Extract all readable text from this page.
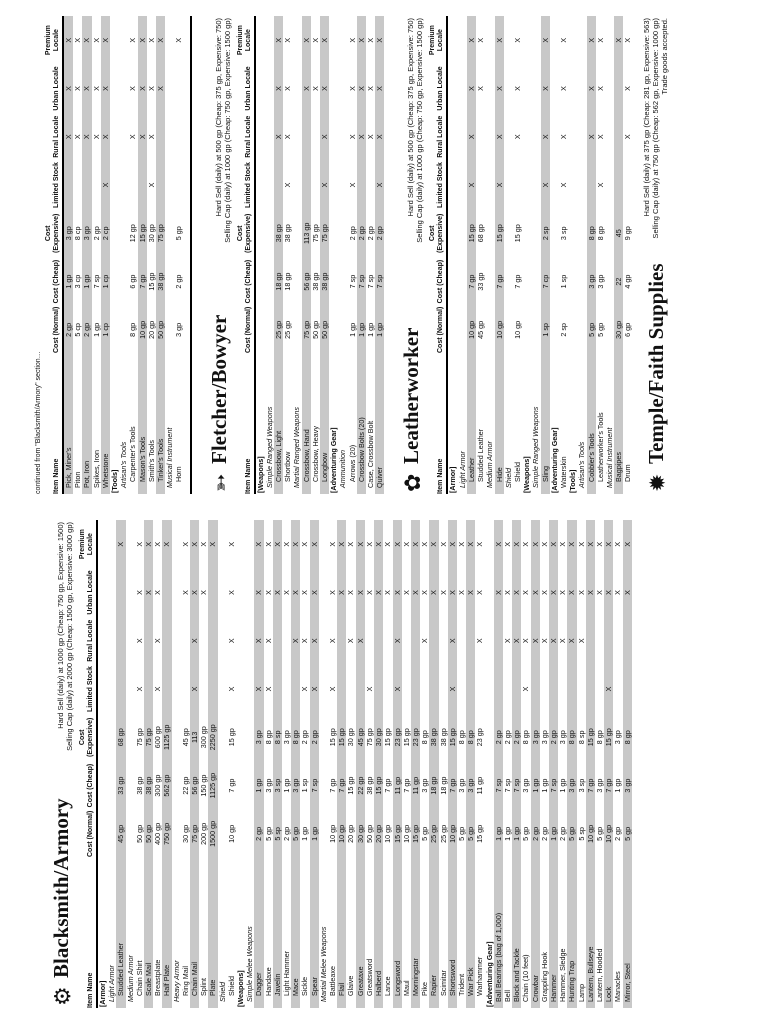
⚙
Blacksmith/Armory
Hard Sell (daily) at 1000 gp (Cheap: 750 gp, Expensive: 1500) Selling Cap (daily) at 2000 gp (Cheap: 1500 gp, Expensive: 3000 gp)
Item Name	Cost (Normal)	Cost (Cheap)	Cost (Expensive)	Limited Stock	Rural Locale	Urban Locale	Premium Locale
[Armor]							
Light Armor							
Studded Leather	45 gp	33 gp	68 gp				X
Medium Armor							
Chain Shirt	50 gp	38 gp	75 gp	X	X	X	X
Scale Mail	50 gp	38 gp	75 gp			X	X
Breastplate	400 gp	300 gp	600 gp	X	X	X	X
Half Plate	750 gp	562 gp	1125 gp				X
Heavy Armor							
Ring Mail	30 gp	22 gp	45 gp			X	X
Chain Mail	75 gp	56 gp	113	X	X	X	X
Splint	200 gp	150 gp	300 gp			X	X
Plate	1500 gp	1125 gp	2250 gp				X
Shield							
Shield	10 gp	7 gp	15 gp	X	X	X	X
[Weapons]							
Simple Melee Weapons							
Dagger	2 gp	1 gp	3 gp	X	X	X	X
Handaxe	5 gp	3 gp	8 gp	X	X	X	X
Javelin	5 sp	3 sp	8 sp			X	X
Light Hammer	2 gp	1 gp	3 gp			X	X
Mace	5 gp	3 gp	8 gp		X	X	X
Sickle	1 gp	1 sp	2 gp	X	X	X	X
Spear	1 gp	7 sp	2 gp	X	X	X	X
Martial Melee Weapons							
Battleaxe	10 gp	7 gp	15 gp	X	X	X	X
Flail	10 gp	7 gp	15 gp			X	X
Glaive	20 gp	15 gp	30 gp		X	X	X
Greataxe	30 gp	22 gp	45 gp		X	X	X
Greatsword	50 gp	38 gp	75 gp	X		X	X
Halberd	20 gp	15 gp	30 gp			X	X
Lance	10 gp	7 gp	15 gp			X	X
Longsword	15 gp	11 gp	23 gp	X	X	X	X
Maul	10 gp	7 gp	15 gp			X	X
Morningstar	15 gp	11 gp	23 gp			X	X
Pike	5 gp	3 gp	8 gp		X	X	X
Rapier	25 gp	18 gp	38 gp			X	X
Scimitar	25 gp	18 gp	38 gp			X	X
Shortsword	10 gp	7 gp	15 gp	X	X	X	X
Trident	5 gp	3 gp	8 gp			X	X
War Pick	5 gp	3 gp	8 gp			X	X
Warhammer	15 gp	11 gp	23 gp		X	X	X
[Adventuring Gear]							
Ball Bearings (bag of 1,000)	1 gp	7 sp	2 gp			X	X
Bell	1 gp	7 sp	2 gp		X	X	X
Block and Tackle	1 gp	7 sp	2 gp		X	X	X
Chain (10 feet)	5 gp	3 gp	8 gp	X	X	X	X
Crowbar	2 gp	1 gp	3 gp		X	X	X
Grappling Hook	2 gp	1 gp	3 gp		X	X	X
Hammer	1 gp	7 sp	2 gp		X	X	X
Hammer, Sledge	2 gp	1 gp	3 gp		X	X	X
Hunting Trap	5 gp	3 gp	8 gp		X	X	X
Lamp	5 sp	3 sp	8 sp		X	X	X
Lantern, Bullseye	10 gp	7 gp	15 gp			X	X
Lantern, Hooded	5 gp	3 gp	8 gp			X	X
Lock	10 gp	7 gp	15 gp	X		X	X
Manacles	2 gp	1 gp	3 gp			X	X
Mirror, Steel	5 gp	3 gp	8 gp			X	X
continued from "Blacksmith/Armory" section… Item Name	Cost (Normal)	Cost (Cheap)	Cost (Expensive)	Limited Stock	Rural Locale	Urban Locale	Premium Locale
Pick, Miner's	2 gp	1 gp	3 gp		X	X	X
Piton	5 cp	3 cp	8 cp		X	X	X
Pot, Iron	2 gp	1 gp	3 gp		X	X	X
Spikes, Iron	1 gp	7 sp	2 gp		X	X	X
Whetstone	1 cp	1 cp	2 cp	X	X	X	X
[Tools]							
Artisan's Tools							
Carpenter's Tools	8 gp	6 gp	12 gp		X	X	X
Mason's Tools	10 gp	7 gp	15 gp		X	X	X
Smith's Tools	20 gp	15 gp	30 gp	X	X	X	X
Tinker's Tools	50 gp	38 gp	75 gp			X	X
Musical Instrument							
Horn	3 gp	2 gp	5 gp				X
➳
Fletcher/Bowyer
Hard Sell (daily) at 500 gp (Cheap: 375 gp, Expensive: 750) Selling Cap (daily) at 1000 gp (Cheap: 750 gp, Expensive: 1500 gp)
Item Name	Cost (Normal)	Cost (Cheap)	Cost (Expensive)	Limited Stock	Rural Locale	Urban Locale	Premium Locale
[Weapons]							
Simple Ranged Weapons							
Crossbow, Light	25 gp	18 gp	38 gp		X	X	X
Shortbow	25 gp	18 gp	38 gp	X	X	X	X
Martial Ranged Weapons							
Crossbow, Hand	75 gp	56 gp	113 gp			X	X
Crossbow, Heavy	50 gp	38 gp	75 gp			X	X
Longbow	50 gp	38 gp	75 gp	X	X	X	X
[Adventuring Gear]							
Ammunition							
Arrows (20)	1 gp	7 sp	2 gp	X	X	X	X
Crossbow Bolts (20)	1 gp	7 sp	2 gp		X	X	X
Case, Crossbow Bolt	1 gp	7 sp	2 gp		X	X	X
Quiver	1 gp	7 sp	2 gp	X	X	X	X
✿
Leatherworker
Hard Sell (daily) at 500 gp (Cheap: 375 gp, Expensive: 750) Selling Cap (daily) at 1000 gp (Cheap: 750 gp, Expensive: 1500 gp)
Item Name	Cost (Normal)	Cost (Cheap)	Cost (Expensive)	Limited Stock	Rural Locale	Urban Locale	Premium Locale
[Armor]							
Light Armor							
Leather	10 gp	7 gp	15 gp	X	X	X	X
Studded Leather	45 gp	33 gp	68 gp			X	X
Medium Armor							
Hide	10 gp	7 gp	15 gp	X	X	X	X
Shield							
Shield	10 gp	7 gp	15 gp		X	X	X
[Weapons]							
Simple Ranged Weapons							
Sling	1 sp	7 cp	2 sp	X	X	X	X
[Adventuring Gear]							
Waterskin	2 sp	1 sp	3 sp	X	X	X	X
[Tools]							
Artisan's Tools							
Cobbler's Tools	5 gp	3 gp	8 gp		X	X	X
Leatherworker's Tools	5 gp	3 gp	8 gp	X	X	X	X
Musical Instrument							
Bagpipes	30 gp	22	45				X
Drum	6 gp	4 gp	9 gp		X	X	X
✹
Temple/Faith Supplies
Hard Sell (daily) at 375 gp (Cheap: 281 gp, Expensive: 563) Selling Cap (daily) at 750 gp (Cheap: 562 gp, Expensive: 1000 gp) Trade goods accepted.
